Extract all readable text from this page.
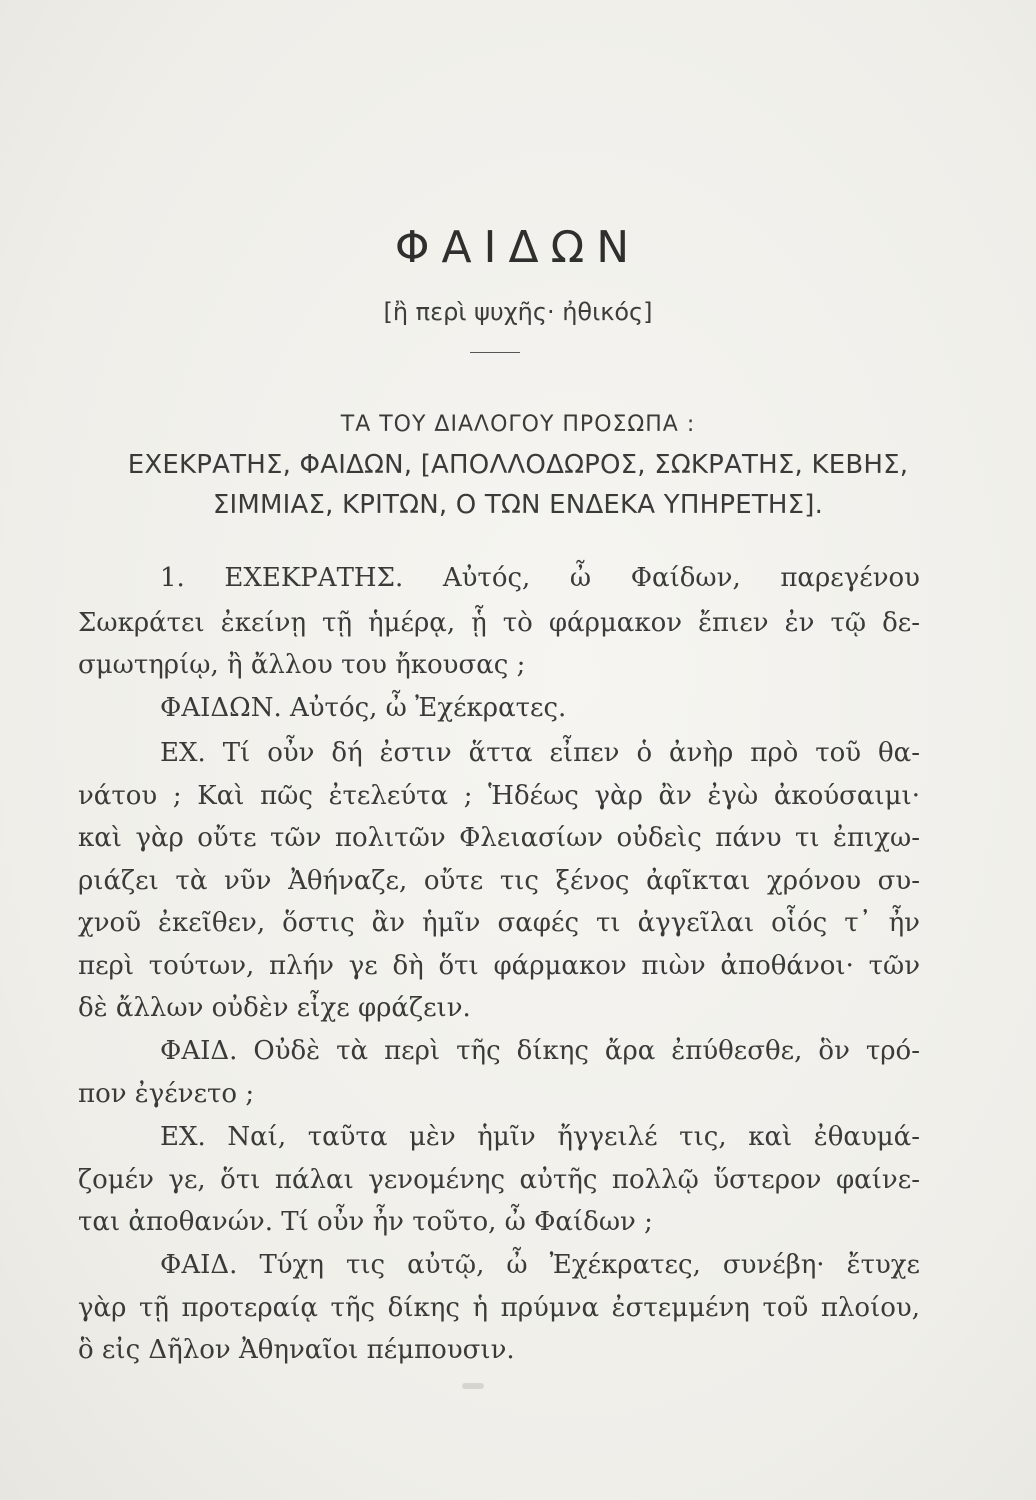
ΦΑΙΔΩΝ
[ἢ περὶ ψυχῆς· ἠθικός]
ΤΑ ΤΟΥ ΔΙΑΛΟΓΟΥ ΠΡΟΣΩΠΑ :
ΕΧΕΚΡΑΤΗΣ, ΦΑΙΔΩΝ, [ΑΠΟΛΛΟΔΩΡΟΣ, ΣΩΚΡΑΤΗΣ, ΚΕΒΗΣ,
ΣΙΜΜΙΑΣ, ΚΡΙΤΩΝ, Ο ΤΩΝ ΕΝΔΕΚΑ ΥΠΗΡΕΤΗΣ].
1. ΕΧΕΚΡΑΤΗΣ. Αὐτός, ὦ Φαίδων, παρεγένου
Σωκράτει ἐκείνῃ τῇ ἡμέρᾳ, ᾗ τὸ φάρμακον ἔπιεν ἐν τῷ δε-
σμωτηρίῳ, ἢ ἄλλου του ἤκουσας ;
ΦΑΙΔΩΝ. Αὐτός, ὦ Ἐχέκρατες.
ΕΧ. Τί οὖν δή ἐστιν ἅττα εἶπεν ὁ ἀνὴρ πρὸ τοῦ θα-
νάτου ; Καὶ πῶς ἐτελεύτα ; Ἡδέως γὰρ ἂν ἐγὼ ἀκούσαιμι·
καὶ γὰρ οὔτε τῶν πολιτῶν Φλειασίων οὐδεὶς πάνυ τι ἐπιχω-
ριάζει τὰ νῦν Ἀθήναζε, οὔτε τις ξένος ἀφῖκται χρόνου συ-
χνοῦ ἐκεῖθεν, ὅστις ἂν ἡμῖν σαφές τι ἀγγεῖλαι οἷός τ᾽ ἦν
περὶ τούτων, πλήν γε δὴ ὅτι φάρμακον πιὼν ἀποθάνοι· τῶν
δὲ ἄλλων οὐδὲν εἶχε φράζειν.
ΦΑΙΔ. Οὐδὲ τὰ περὶ τῆς δίκης ἄρα ἐπύθεσθε, ὃν τρό-
πον ἐγένετο ;
ΕΧ. Ναί, ταῦτα μὲν ἡμῖν ἤγγειλέ τις, καὶ ἐθαυμά-
ζομέν γε, ὅτι πάλαι γενομένης αὐτῆς πολλῷ ὕστερον φαίνε-
ται ἀποθανών. Τί οὖν ἦν τοῦτο, ὦ Φαίδων ;
ΦΑΙΔ. Τύχη τις αὐτῷ, ὦ Ἐχέκρατες, συνέβη· ἔτυχε
γὰρ τῇ προτεραίᾳ τῆς δίκης ἡ πρύμνα ἐστεμμένη τοῦ πλοίου,
ὃ εἰς Δῆλον Ἀθηναῖοι πέμπουσιν.
